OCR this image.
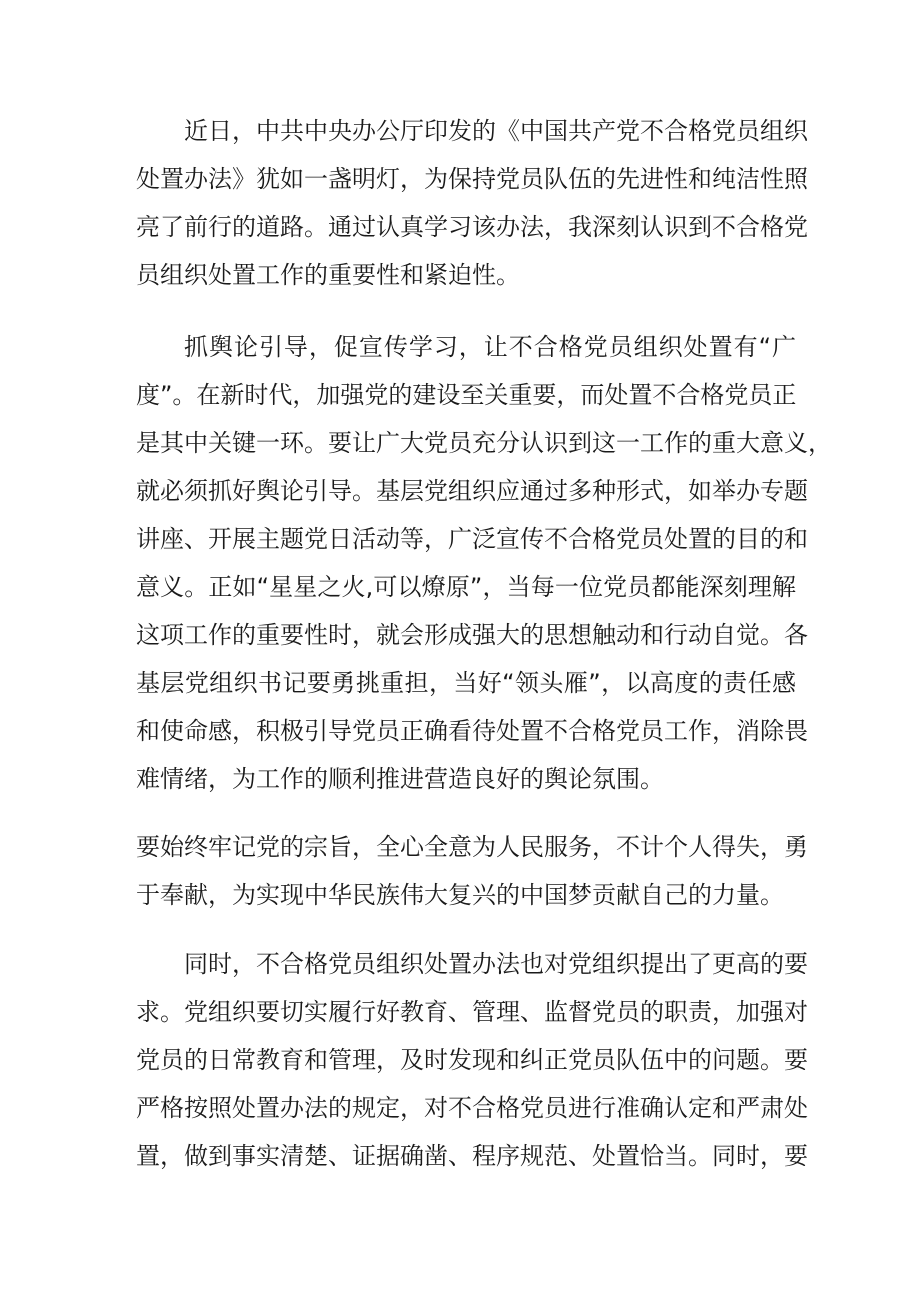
近日，中共中央办公厅印发的《中国共产党不合格党员组织

处置办法》犹如一盏明灯，为保持党员队伍的先进性和纯洁性照

亮了前行的道路。通过认真学习该办法，我深刻认识到不合格党

员组织处置工作的重要性和紧迫性。

抓舆论引导，促宣传学习，让不合格党员组织处置有“广

度”。在新时代，加强党的建设至关重要，而处置不合格党员正

是其中关键一环。要让广大党员充分认识到这一工作的重大意义，

就必须抓好舆论引导。基层党组织应通过多种形式，如举办专题

讲座、开展主题党日活动等，广泛宣传不合格党员处置的目的和

意义。正如“星星之火,可以燎原”，当每一位党员都能深刻理解

这项工作的重要性时，就会形成强大的思想触动和行动自觉。各

基层党组织书记要勇挑重担，当好“领头雁”，以高度的责任感

和使命感，积极引导党员正确看待处置不合格党员工作，消除畏

难情绪，为工作的顺利推进营造良好的舆论氛围。

要始终牢记党的宗旨，全心全意为人民服务，不计个人得失，勇

于奉献，为实现中华民族伟大复兴的中国梦贡献自己的力量。

同时，不合格党员组织处置办法也对党组织提出了更高的要

求。党组织要切实履行好教育、管理、监督党员的职责，加强对

党员的日常教育和管理，及时发现和纠正党员队伍中的问题。要

严格按照处置办法的规定，对不合格党员进行准确认定和严肃处

置，做到事实清楚、证据确凿、程序规范、处置恰当。同时，要
